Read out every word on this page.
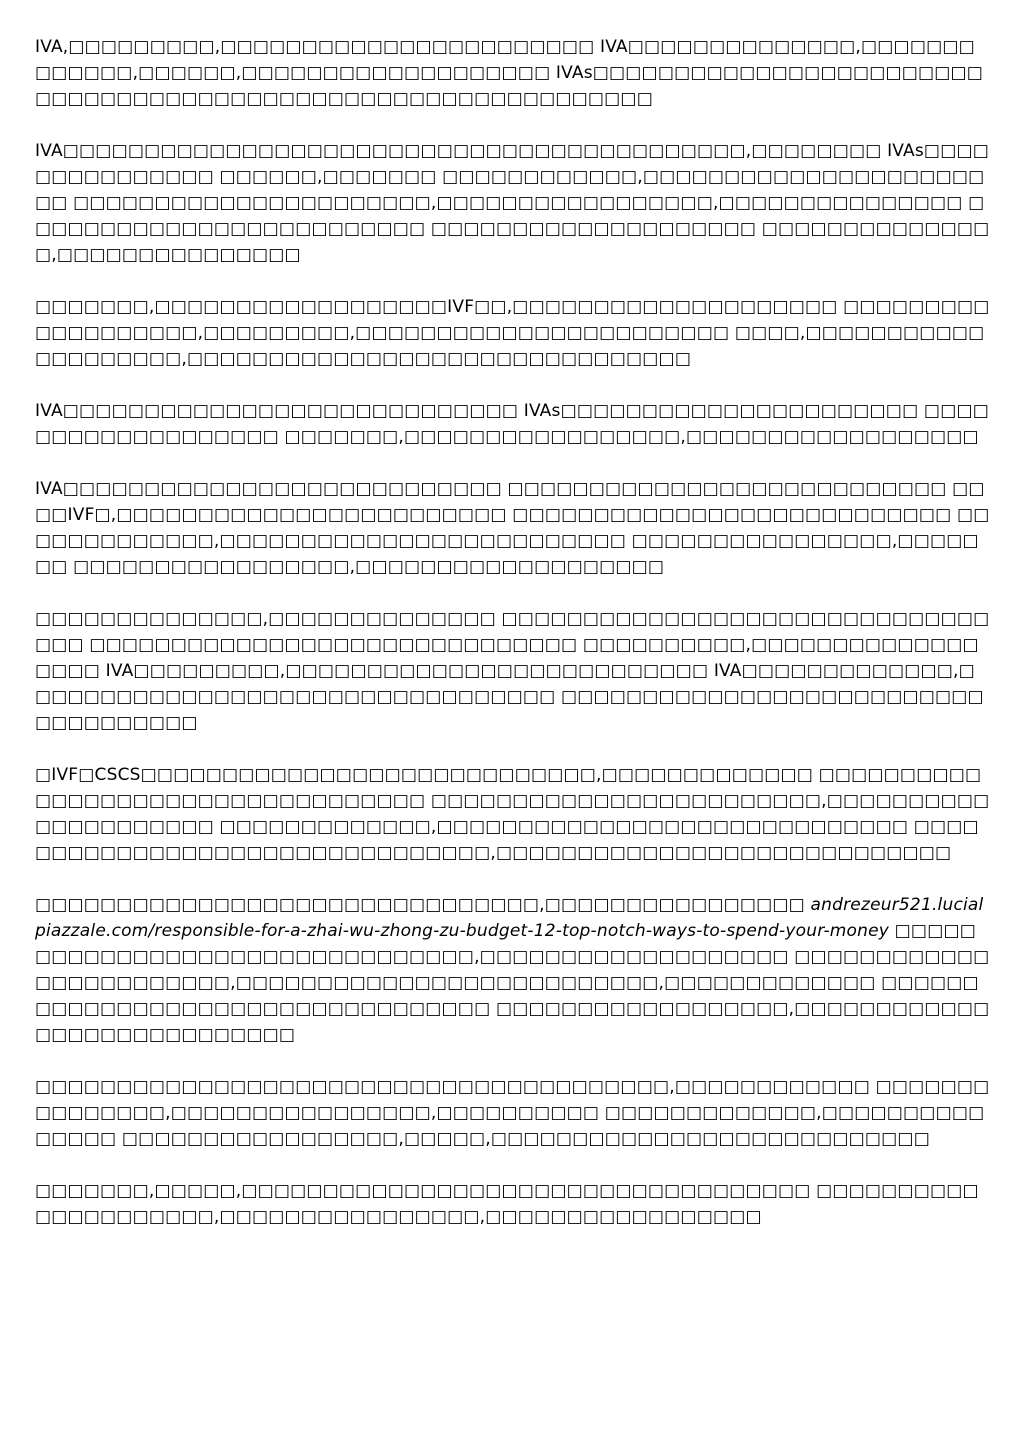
IVA,□□□□□□□□□,□□□□□□□□□□□□□□□□□□□□□□□ IVA□□□□□□□□□□□□□□,□□□□□□□□□□□□□,□□□□□□,□□□□□□□□□□□□□□□□□□□ IVAs□□□□□□□□□□□□□□□□□□□□□□□□□□□□□□□□□□□□□□□□□□□□□□□□□□□□□□□□□□□□□□

IVA□□□□□□□□□□□□□□□□□□□□□□□□□□□□□□□□□□□□□□□□□□,□□□□□□□□ IVAs□□□□□□□□□□□□□□□ □□□□□□,□□□□□□□ □□□□□□□□□□□□,□□□□□□□□□□□□□□□□□□□□□□□ □□□□□□□□□□□□□□□□□□□□□□,□□□□□□□□□□□□□□□□□,□□□□□□□□□□□□□□□ □□□□□□□□□□□□□□□□□□□□□□□□□ □□□□□□□□□□□□□□□□□□□□ □□□□□□□□□□□□□□□,□□□□□□□□□□□□□□□

□□□□□□□,□□□□□□□□□□□□□□□□□□IVF□□,□□□□□□□□□□□□□□□□□□□□ □□□□□□□□□□□□□□□□□□□,□□□□□□□□□,□□□□□□□□□□□□□□□□□□□□□□□ □□□□,□□□□□□□□□□□□□□□□□□□□,□□□□□□□□□□□□□□□□□□□□□□□□□□□□□□□

IVA□□□□□□□□□□□□□□□□□□□□□□□□□□□□ IVAs□□□□□□□□□□□□□□□□□□□□□□ □□□□□□□□□□□□□□□□□□□ □□□□□□□,□□□□□□□□□□□□□□□□□,□□□□□□□□□□□□□□□□□□

IVA□□□□□□□□□□□□□□□□□□□□□□□□□□□ □□□□□□□□□□□□□□□□□□□□□□□□□□□ □□□□IVF□,□□□□□□□□□□□□□□□□□□□□□□□□ □□□□□□□□□□□□□□□□□□□□□□□□□□□ □□□□□□□□□□□□□,□□□□□□□□□□□□□□□□□□□□□□□□□ □□□□□□□□□□□□□□□□,□□□□□□□ □□□□□□□□□□□□□□□□□,□□□□□□□□□□□□□□□□□□□

□□□□□□□□□□□□□□,□□□□□□□□□□□□□□ □□□□□□□□□□□□□□□□□□□□□□□□□□□□□□□□□ □□□□□□□□□□□□□□□□□□□□□□□□□□□□□□ □□□□□□□□□□,□□□□□□□□□□□□□□□□□□ IVA□□□□□□□□□,□□□□□□□□□□□□□□□□□□□□□□□□□□ IVA□□□□□□□□□□□□□,□□□□□□□□□□□□□□□□□□□□□□□□□□□□□□□□□ □□□□□□□□□□□□□□□□□□□□□□□□□□□□□□□□□□□□

□IVF□CSCS□□□□□□□□□□□□□□□□□□□□□□□□□□□□,□□□□□□□□□□□□□ □□□□□□□□□□□□□□□□□□□□□□□□□□□□□□□□□□ □□□□□□□□□□□□□□□□□□□□□□□□,□□□□□□□□□□□□□□□□□□□□□ □□□□□□□□□□□□□,□□□□□□□□□□□□□□□□□□□□□□□□□□□□□ □□□□□□□□□□□□□□□□□□□□□□□□□□□□□□□□,□□□□□□□□□□□□□□□□□□□□□□□□□□□□

□□□□□□□□□□□□□□□□□□□□□□□□□□□□□□□,□□□□□□□□□□□□□□□□ andrezeur521.lucialpiazzale.com/responsible-for-a-zhai-wu-zhong-zu-budget-12-top-notch-ways-to-spend-your-money □□□□□□□□□□□□□□□□□□□□□□□□□□□□□□□□,□□□□□□□□□□□□□□□□□□□ □□□□□□□□□□□□□□□□□□□□□□□□,□□□□□□□□□□□□□□□□□□□□□□□□□□,□□□□□□□□□□□□□ □□□□□□□□□□□□□□□□□□□□□□□□□□□□□□□□□□ □□□□□□□□□□□□□□□□□□,□□□□□□□□□□□□□□□□□□□□□□□□□□□□

□□□□□□□□□□□□□□□□□□□□□□□□□□□□□□□□□□□□□□□,□□□□□□□□□□□□ □□□□□□□□□□□□□□□,□□□□□□□□□□□□□□□□,□□□□□□□□□□ □□□□□□□□□□□□□,□□□□□□□□□□□□□□□ □□□□□□□□□□□□□□□□□,□□□□□,□□□□□□□□□□□□□□□□□□□□□□□□□□□

□□□□□□□,□□□□□,□□□□□□□□□□□□□□□□□□□□□□□□□□□□□□□□□□□ □□□□□□□□□□□□□□□□□□□□□,□□□□□□□□□□□□□□□□,□□□□□□□□□□□□□□□□□
